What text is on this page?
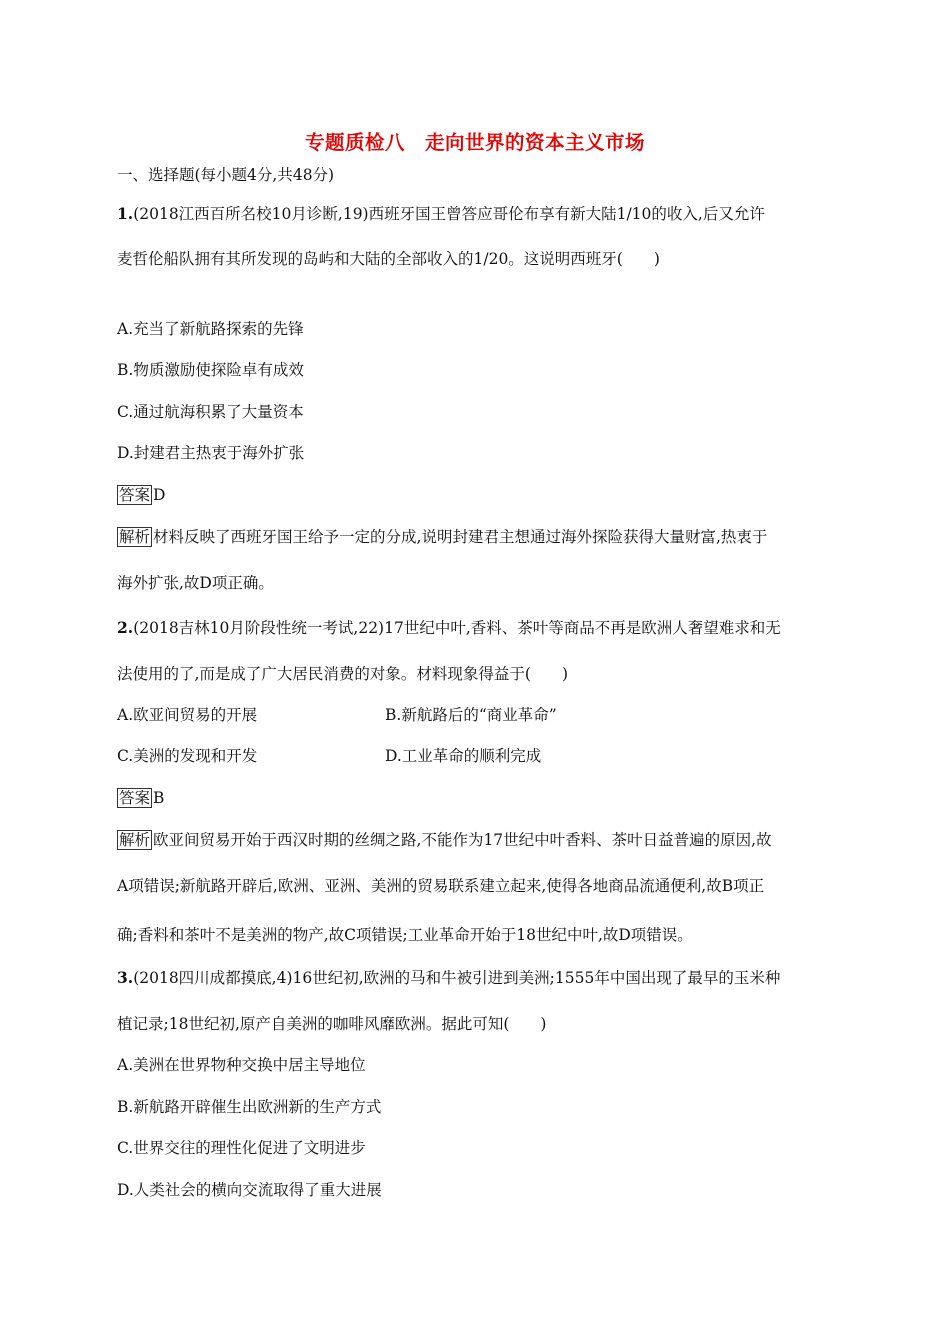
专题质检八　走向世界的资本主义市场
一、选择题(每小题4分,共48分)
1.(2018江西百所名校10月诊断,19)西班牙国王曾答应哥伦布享有新大陆1/10的收入,后又允许
麦哲伦船队拥有其所发现的岛屿和大陆的全部收入的1/20。这说明西班牙(　　)
A.充当了新航路探索的先锋
B.物质激励使探险卓有成效
C.通过航海积累了大量资本
D.封建君主热衷于海外扩张
答案 D
解析 材料反映了西班牙国王给予一定的分成,说明封建君主想通过海外探险获得大量财富,热衷于
海外扩张,故D项正确。
2.(2018吉林10月阶段性统一考试,22)17世纪中叶,香料、茶叶等商品不再是欧洲人奢望难求和无
法使用的了,而是成了广大居民消费的对象。材料现象得益于(　　)
A.欧亚间贸易的开展	B.新航路后的“商业革命”
C.美洲的发现和开发	D.工业革命的顺利完成
答案 B
解析 欧亚间贸易开始于西汉时期的丝绸之路,不能作为17世纪中叶香料、茶叶日益普遍的原因,故
A项错误;新航路开辟后,欧洲、亚洲、美洲的贸易联系建立起来,使得各地商品流通便利,故B项正
确;香料和茶叶不是美洲的物产,故C项错误;工业革命开始于18世纪中叶,故D项错误。
3.(2018四川成都摸底,4)16世纪初,欧洲的马和牛被引进到美洲;1555年中国出现了最早的玉米种
植记录;18世纪初,原产自美洲的咖啡风靡欧洲。据此可知(　　)
A.美洲在世界物种交换中居主导地位
B.新航路开辟催生出欧洲新的生产方式
C.世界交往的理性化促进了文明进步
D.人类社会的横向交流取得了重大进展
